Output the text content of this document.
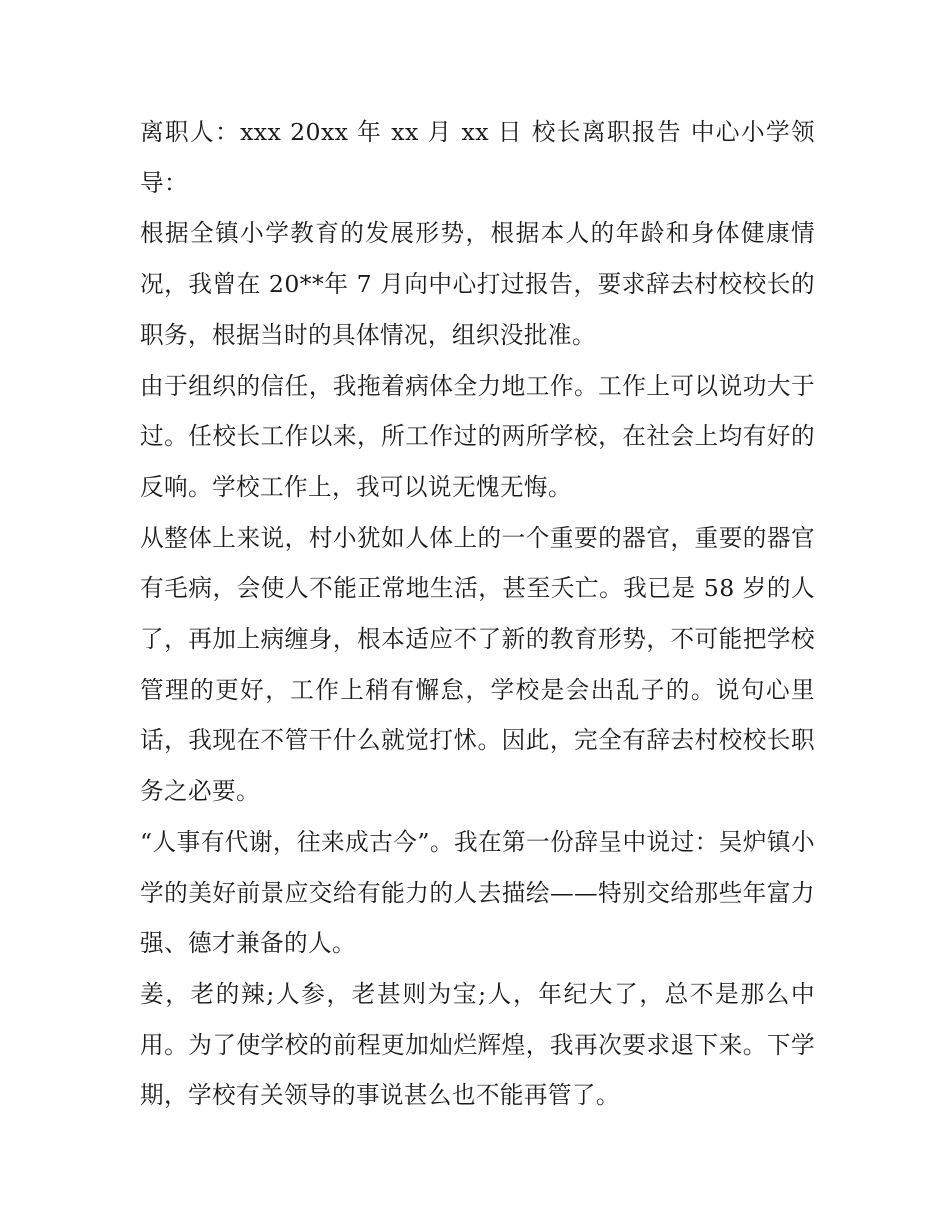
离职人：xxx 20xx 年 xx 月 xx 日 校长离职报告 中心小学领导：

根据全镇小学教育的发展形势，根据本人的年龄和身体健康情况，我曾在 20**年 7 月向中心打过报告，要求辞去村校校长的职务，根据当时的具体情况，组织没批准。

由于组织的信任，我拖着病体全力地工作。工作上可以说功大于过。任校长工作以来，所工作过的两所学校，在社会上均有好的反响。学校工作上，我可以说无愧无悔。

从整体上来说，村小犹如人体上的一个重要的器官，重要的器官有毛病，会使人不能正常地生活，甚至夭亡。我已是 58 岁的人了，再加上病缠身，根本适应不了新的教育形势，不可能把学校管理的更好，工作上稍有懈怠，学校是会出乱子的。说句心里话，我现在不管干什么就觉打怵。因此，完全有辞去村校校长职务之必要。

“人事有代谢，往来成古今”。我在第一份辞呈中说过：吴炉镇小学的美好前景应交给有能力的人去描绘——特别交给那些年富力强、德才兼备的人。

姜，老的辣;人参，老甚则为宝;人，年纪大了，总不是那么中用。为了使学校的前程更加灿烂辉煌，我再次要求退下来。下学期，学校有关领导的事说甚么也不能再管了。
